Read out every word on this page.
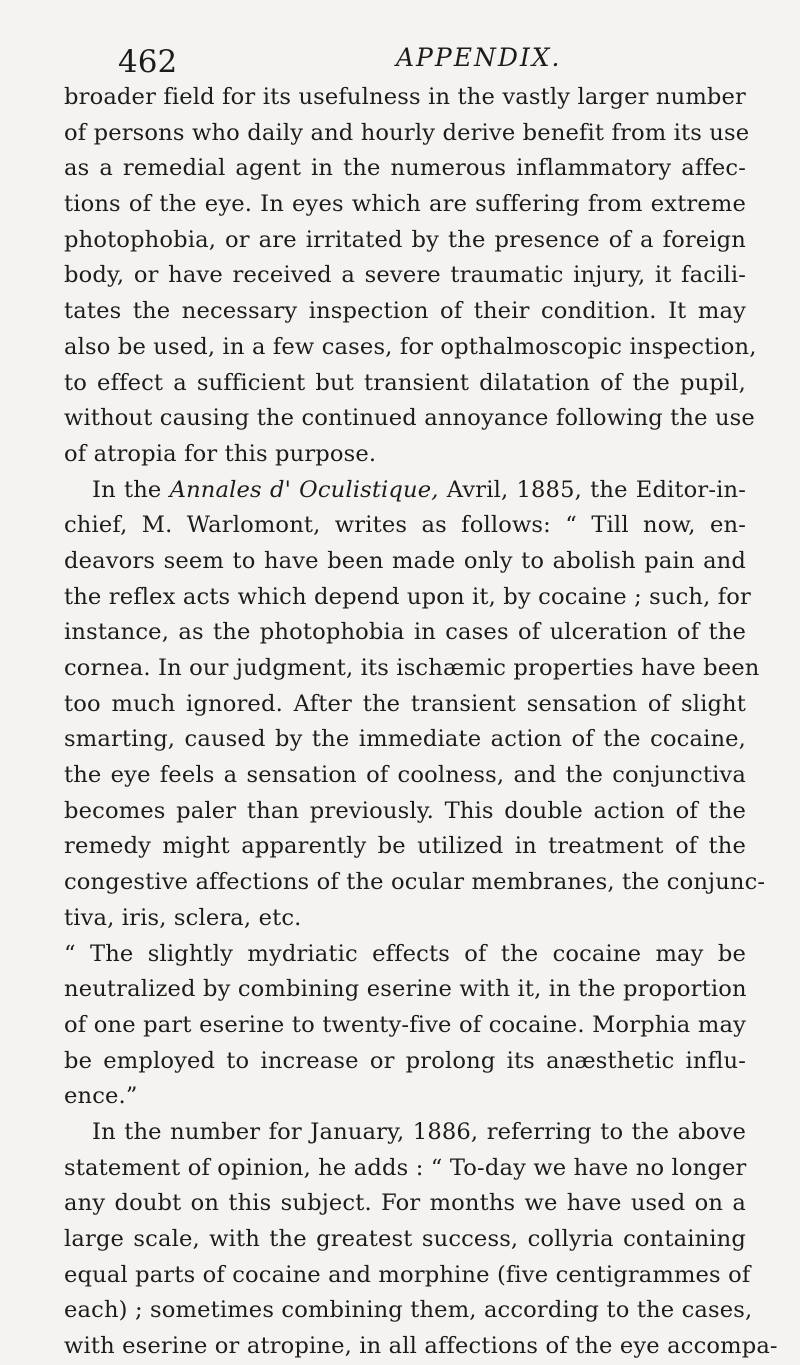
462	APPENDIX.
broader field for its usefulness in the vastly larger number
of persons who daily and hourly derive benefit from its use
as a remedial agent in the numerous inflammatory affec-
tions of the eye. In eyes which are suffering from extreme
photophobia, or are irritated by the presence of a foreign
body, or have received a severe traumatic injury, it facili-
tates the necessary inspection of their condition. It may
also be used, in a few cases, for opthalmoscopic inspection,
to effect a sufficient but transient dilatation of the pupil,
without causing the continued annoyance following the use
of atropia for this purpose.
In the Annales d' Oculistique, Avril, 1885, the Editor-in-
chief, M. Warlomont, writes as follows: “ Till now, en-
deavors seem to have been made only to abolish pain and
the reflex acts which depend upon it, by cocaine ; such, for
instance, as the photophobia in cases of ulceration of the
cornea. In our judgment, its ischæmic properties have been
too much ignored. After the transient sensation of slight
smarting, caused by the immediate action of the cocaine,
the eye feels a sensation of coolness, and the conjunctiva
becomes paler than previously. This double action of the
remedy might apparently be utilized in treatment of the
congestive affections of the ocular membranes, the conjunc-
tiva, iris, sclera, etc.
“ The slightly mydriatic effects of the cocaine may be
neutralized by combining eserine with it, in the proportion
of one part eserine to twenty-five of cocaine. Morphia may
be employed to increase or prolong its anæsthetic influ-
ence.”
In the number for January, 1886, referring to the above
statement of opinion, he adds : “ To-day we have no longer
any doubt on this subject. For months we have used on a
large scale, with the greatest success, collyria containing
equal parts of cocaine and morphine (five centigrammes of
each) ; sometimes combining them, according to the cases,
with eserine or atropine, in all affections of the eye accompa-
